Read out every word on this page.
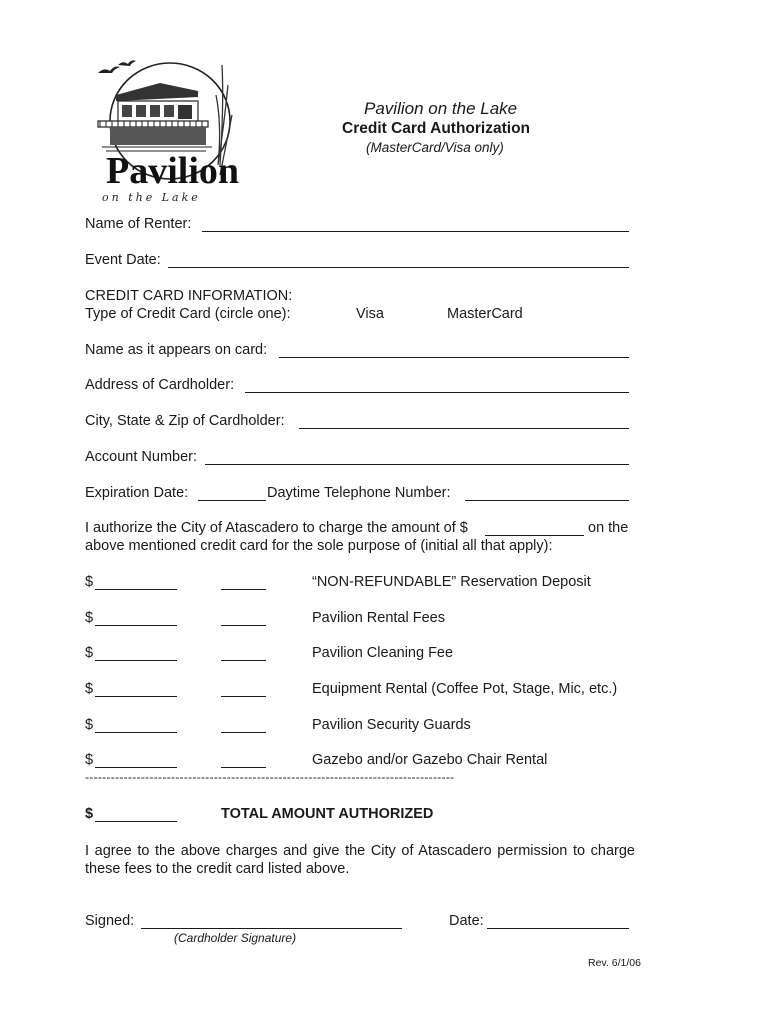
Pavilion
on the Lake
Pavilion on the Lake
Credit Card Authorization
(MasterCard/Visa only)
Name of Renter:
Event Date:
CREDIT CARD INFORMATION:
Type of Credit Card (circle one):	Visa	MasterCard
Name as it appears on card:
Address of Cardholder:
City, State & Zip of Cardholder:
Account Number:
Expiration Date:	Daytime Telephone Number:
I authorize the City of Atascadero to charge the amount of $	on the
above mentioned credit card for the sole purpose of (initial all that apply):
$	“NON-REFUNDABLE” Reservation Deposit
$	Pavilion Rental Fees
$	Pavilion Cleaning Fee
$	Equipment Rental (Coffee Pot, Stage, Mic, etc.)
$	Pavilion Security Guards
$	Gazebo and/or Gazebo Chair Rental
--------------------------------------------------------------------------------------
$	TOTAL AMOUNT AUTHORIZED
I agree to the above charges and give the City of Atascadero permission to charge these fees to the credit card listed above.
Signed:	Date:
(Cardholder Signature)
Rev. 6/1/06
